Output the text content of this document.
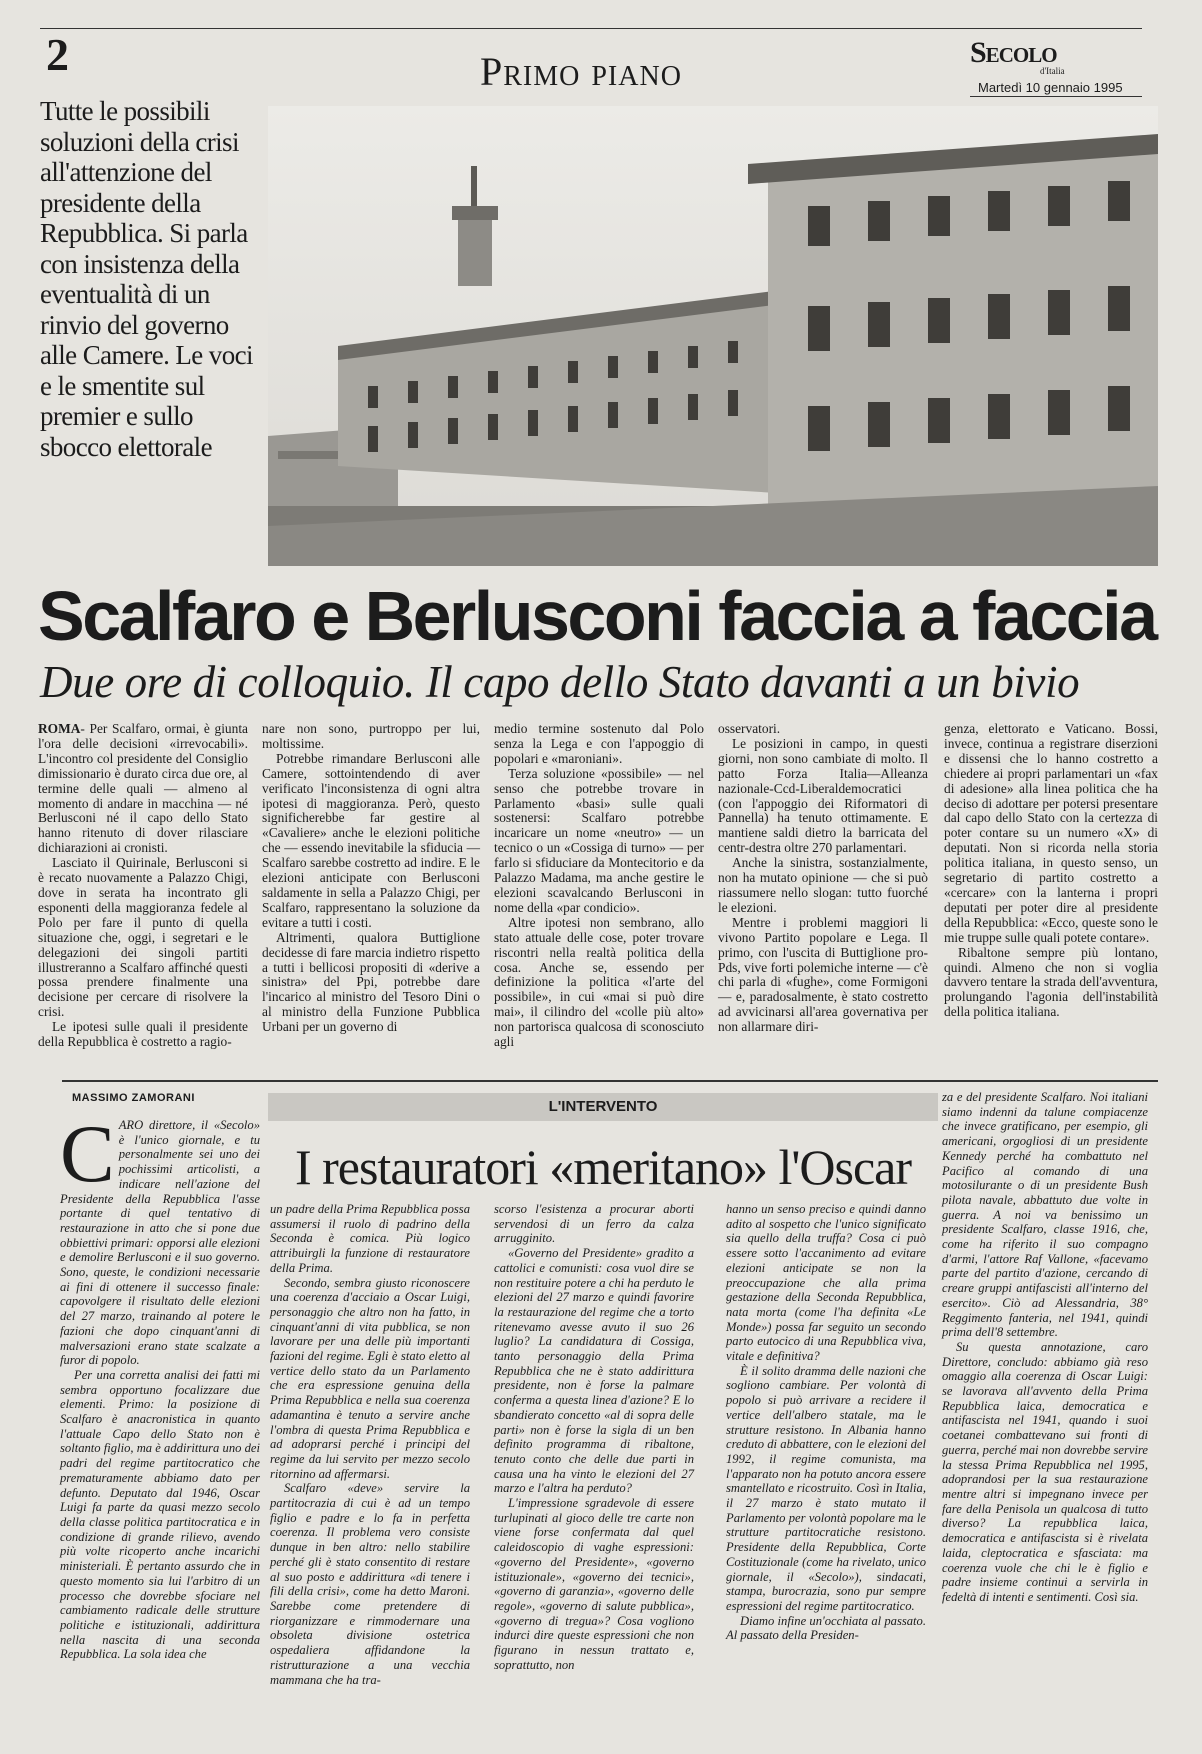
2	Primo piano	Secolo
d'Italia
Martedì 10 gennaio 1995
Tutte le possibili soluzioni della crisi all'attenzione del presidente della Repubblica. Si parla con insistenza della eventualità di un rinvio del governo alle Camere. Le voci e le smentite sul premier e sullo sbocco elettorale
Scalfaro e Berlusconi faccia a faccia
Due ore di colloquio. Il capo dello Stato davanti a un bivio

ROMA- Per Scalfaro, ormai, è giunta l'ora delle decisioni «irrevocabili». L'incontro col presidente del Consiglio dimissionario è durato circa due ore, al termine delle quali — almeno al momento di andare in macchina — né Berlusconi né il capo dello Stato hanno ritenuto di dover rilasciare dichiarazioni ai cronisti.

Lasciato il Quirinale, Berlusconi si è recato nuovamente a Palazzo Chigi, dove in serata ha incontrato gli esponenti della maggioranza fedele al Polo per fare il punto di quella situazione che, oggi, i segretari e le delegazioni dei singoli partiti illustreranno a Scalfaro affinché questi possa prendere finalmente una decisione per cercare di risolvere la crisi.

Le ipotesi sulle quali il presidente della Repubblica è costretto a ragio-

nare non sono, purtroppo per lui, moltissime.

Potrebbe rimandare Berlusconi alle Camere, sottointendendo di aver verificato l'inconsistenza di ogni altra ipotesi di maggioranza. Però, questo significherebbe far gestire al «Cavaliere» anche le elezioni politiche che — essendo inevitabile la sfiducia — Scalfaro sarebbe costretto ad indire. E le elezioni anticipate con Berlusconi saldamente in sella a Palazzo Chigi, per Scalfaro, rappresentano la soluzione da evitare a tutti i costi.

Altrimenti, qualora Buttiglione decidesse di fare marcia indietro rispetto a tutti i bellicosi propositi di «derive a sinistra» del Ppi, potrebbe dare l'incarico al ministro del Tesoro Dini o al ministro della Funzione Pubblica Urbani per un governo di

medio termine sostenuto dal Polo senza la Lega e con l'appoggio di popolari e «maroniani».

Terza soluzione «possibile» — nel senso che potrebbe trovare in Parlamento «basi» sulle quali sostenersi: Scalfaro potrebbe incaricare un nome «neutro» — un tecnico o un «Cossiga di turno» — per farlo si sfiduciare da Montecitorio e da Palazzo Madama, ma anche gestire le elezioni scavalcando Berlusconi in nome della «par condicio».

Altre ipotesi non sembrano, allo stato attuale delle cose, poter trovare riscontri nella realtà politica della cosa. Anche se, essendo per definizione la politica «l'arte del possibile», in cui «mai si può dire mai», il cilindro del «colle più alto» non partorisca qualcosa di sconosciuto agli

osservatori.

Le posizioni in campo, in questi giorni, non sono cambiate di molto. Il patto Forza Italia—Alleanza nazionale-Ccd-Liberaldemocratici (con l'appoggio dei Riformatori di Pannella) ha tenuto ottimamente. E mantiene saldi dietro la barricata del centr-destra oltre 270 parlamentari.

Anche la sinistra, sostanzialmente, non ha mutato opinione — che si può riassumere nello slogan: tutto fuorché le elezioni.

Mentre i problemi maggiori li vivono Partito popolare e Lega. Il primo, con l'uscita di Buttiglione pro-Pds, vive forti polemiche interne — c'è chi parla di «fughe», come Formigoni — e, paradosalmente, è stato costretto ad avvicinarsi all'area governativa per non allarmare diri-

genza, elettorato e Vaticano. Bossi, invece, continua a registrare diserzioni e dissensi che lo hanno costretto a chiedere ai propri parlamentari un «fax di adesione» alla linea politica che ha deciso di adottare per potersi presentare dal capo dello Stato con la certezza di poter contare su un numero «X» di deputati. Non si ricorda nella storia politica italiana, in questo senso, un segretario di partito costretto a «cercare» con la lanterna i propri deputati per poter dire al presidente della Repubblica: «Ecco, queste sono le mie truppe sulle quali potete contare».

Ribaltone sempre più lontano, quindi. Almeno che non si voglia davvero tentare la strada dell'avventura, prolungando l'agonia dell'instabilità della politica italiana.

MASSIMO ZAMORANI	L'INTERVENTO
I restauratori «meritano» l'Oscar

CARO direttore, il «Secolo» è l'unico giornale, e tu personalmente sei uno dei pochissimi articolisti, a indicare nell'azione del Presidente della Repubblica l'asse portante di quel tentativo di restaurazione in atto che si pone due obbiettivi primari: opporsi alle elezioni e demolire Berlusconi e il suo governo. Sono, queste, le condizioni necessarie ai fini di ottenere il successo finale: capovolgere il risultato delle elezioni del 27 marzo, trainando al potere le fazioni che dopo cinquant'anni di malversazioni erano state scalzate a furor di popolo.

Per una corretta analisi dei fatti mi sembra opportuno focalizzare due elementi. Primo: la posizione di Scalfaro è anacronistica in quanto l'attuale Capo dello Stato non è soltanto figlio, ma è addirittura uno dei padri del regime partitocratico che prematuramente abbiamo dato per defunto. Deputato dal 1946, Oscar Luigi fa parte da quasi mezzo secolo della classe politica partitocratica e in condizione di grande rilievo, avendo più volte ricoperto anche incarichi ministeriali. È pertanto assurdo che in questo momento sia lui l'arbitro di un processo che dovrebbe sfociare nel cambiamento radicale delle strutture politiche e istituzionali, addirittura nella nascita di una seconda Repubblica. La sola idea che

un padre della Prima Repubblica possa assumersi il ruolo di padrino della Seconda è comica. Più logico attribuirgli la funzione di restauratore della Prima.

Secondo, sembra giusto riconoscere una coerenza d'acciaio a Oscar Luigi, personaggio che altro non ha fatto, in cinquant'anni di vita pubblica, se non lavorare per una delle più importanti fazioni del regime. Egli è stato eletto al vertice dello stato da un Parlamento che era espressione genuina della Prima Repubblica e nella sua coerenza adamantina è tenuto a servire anche l'ombra di questa Prima Repubblica e ad adoprarsi perché i principi del regime da lui servito per mezzo secolo ritornino ad affermarsi.

Scalfaro «deve» servire la partitocrazia di cui è ad un tempo figlio e padre e lo fa in perfetta coerenza. Il problema vero consiste dunque in ben altro: nello stabilire perché gli è stato consentito di restare al suo posto e addirittura «di tenere i fili della crisi», come ha detto Maroni. Sarebbe come pretendere di riorganizzare e rimmodernare una obsoleta divisione ostetrica ospedaliera affidandone la ristrutturazione a una vecchia mammana che ha tra-

scorso l'esistenza a procurar aborti servendosi di un ferro da calza arrugginito.

«Governo del Presidente» gradito a cattolici e comunisti: cosa vuol dire se non restituire potere a chi ha perduto le elezioni del 27 marzo e quindi favorire la restaurazione del regime che a torto ritenevamo avesse avuto il suo 26 luglio? La candidatura di Cossiga, tanto personaggio della Prima Repubblica che ne è stato addirittura presidente, non è forse la palmare conferma a questa linea d'azione? E lo sbandierato concetto «al di sopra delle parti» non è forse la sigla di un ben definito programma di ribaltone, tenuto conto che delle due parti in causa una ha vinto le elezioni del 27 marzo e l'altra ha perduto?

L'impressione sgradevole di essere turlupinati al gioco delle tre carte non viene forse confermata dal quel caleidoscopio di vaghe espressioni: «governo del Presidente», «governo istituzionale», «governo dei tecnici», «governo di garanzia», «governo delle regole», «governo di salute pubblica», «governo di tregua»? Cosa vogliono indurci dire queste espressioni che non figurano in nessun trattato e, soprattutto, non

hanno un senso preciso e quindi danno adito al sospetto che l'unico significato sia quello della truffa? Cosa ci può essere sotto l'accanimento ad evitare elezioni anticipate se non la preoccupazione che alla prima gestazione della Seconda Repubblica, nata morta (come l'ha definita «Le Monde») possa far seguito un secondo parto eutocico di una Repubblica viva, vitale e definitiva?

È il solito dramma delle nazioni che sogliono cambiare. Per volontà di popolo si può arrivare a recidere il vertice dell'albero statale, ma le strutture resistono. In Albania hanno creduto di abbattere, con le elezioni del 1992, il regime comunista, ma l'apparato non ha potuto ancora essere smantellato e ricostruito. Così in Italia, il 27 marzo è stato mutato il Parlamento per volontà popolare ma le strutture partitocratiche resistono. Presidente della Repubblica, Corte Costituzionale (come ha rivelato, unico giornale, il «Secolo»), sindacati, stampa, burocrazia, sono pur sempre espressioni del regime partitocratico.

Diamo infine un'occhiata al passato. Al passato della Presiden-

za e del presidente Scalfaro. Noi italiani siamo indenni da talune compiacenze che invece gratificano, per esempio, gli americani, orgogliosi di un presidente Kennedy perché ha combattuto nel Pacifico al comando di una motosilurante o di un presidente Bush pilota navale, abbattuto due volte in guerra. A noi va benissimo un presidente Scalfaro, classe 1916, che, come ha riferito il suo compagno d'armi, l'attore Raf Vallone, «facevamo parte del partito d'azione, cercando di creare gruppi antifascisti all'interno del esercito». Ciò ad Alessandria, 38° Reggimento fanteria, nel 1941, quindi prima dell'8 settembre.

Su questa annotazione, caro Direttore, concludo: abbiamo già reso omaggio alla coerenza di Oscar Luigi: se lavorava all'avvento della Prima Repubblica laica, democratica e antifascista nel 1941, quando i suoi coetanei combattevano sui fronti di guerra, perché mai non dovrebbe servire la stessa Prima Repubblica nel 1995, adoprandosi per la sua restaurazione mentre altri si impegnano invece per fare della Penisola un qualcosa di tutto diverso? La repubblica laica, democratica e antifascista si è rivelata laida, cleptocratica e sfasciata: ma coerenza vuole che chi le è figlio e padre insieme continui a servirla in fedeltà di intenti e sentimenti. Così sia.
